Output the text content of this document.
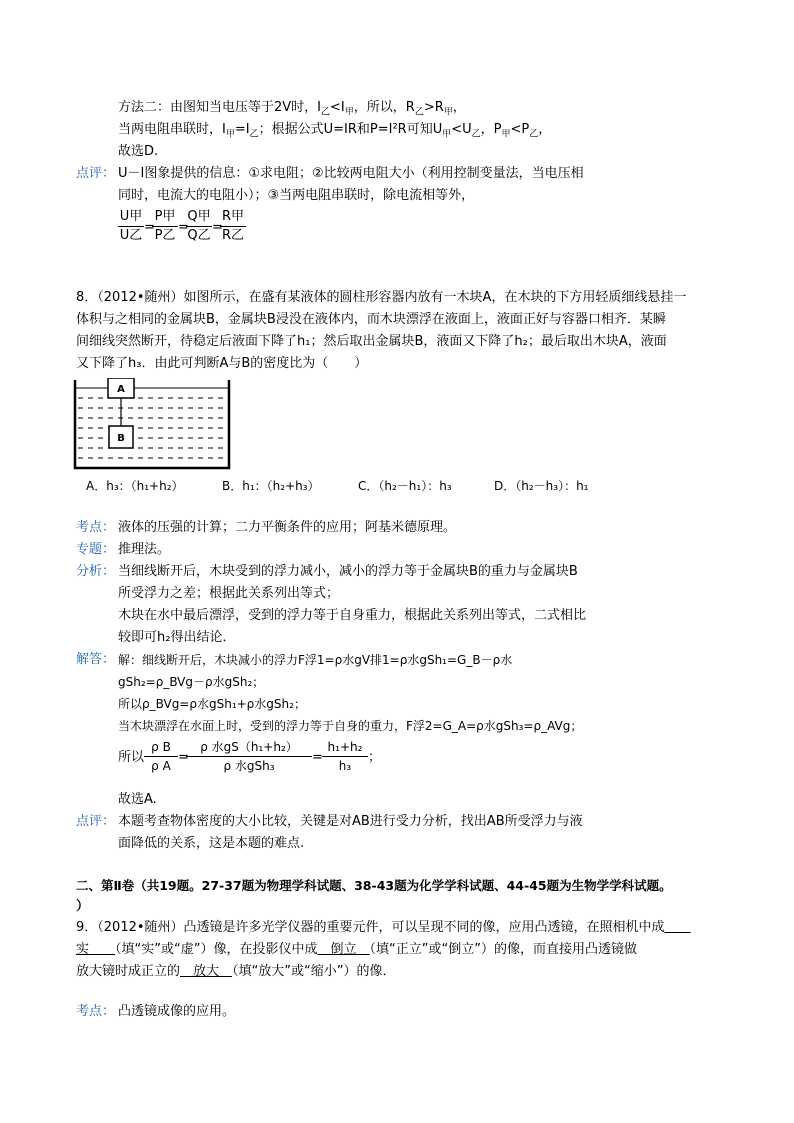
方法二：由图知当电压等于2V时，$I_乙<I_甲$，所以，$R_乙>R_甲$，
当两电阻串联时，$I_甲=I_乙$；根据公式U=IR和P=I²R可知$U_甲<U_乙$，$P_甲<P_乙$，
故选D.
点评： U－I图象提供的信息：①求电阻；②比较两电阻大小（利用控制变量法，当电压相
同时，电流大的电阻小）；③当两电阻串联时，除电流相等外，
U甲
U乙
=
P甲
P乙
=
Q甲
Q乙
=
R甲
R乙
8．（2012•随州）如图所示，在盛有某液体的圆柱形容器内放有一木块A，在木块的下方用轻质细线悬挂一
体积与之相同的金属块B，金属块B浸没在液体内，而木块漂浮在液面上，液面正好与容器口相齐．某瞬
间细线突然断开，待稳定后液面下降了h₁；然后取出金属块B，液面又下降了h₂；最后取出木块A，液面
又下降了h₃．由此可判断A与B的密度比为（　　）
A
B
A．h₃：（h₁+h₂）	B．h₁：（h₂+h₃）	C．（h₂－h₁）：h₃	D．（h₂－h₃）：h₁
考点： 液体的压强的计算；二力平衡条件的应用；阿基米德原理。
专题： 推理法。
分析： 当细线断开后，木块受到的浮力减小，减小的浮力等于金属块B的重力与金属块B
所受浮力之差；根据此关系列出等式；
木块在水中最后漂浮，受到的浮力等于自身重力，根据此关系列出等式，二式相比
较即可h₂得出结论．
解答： 解：细线断开后，木块减小的浮力F浮1=ρ水gV排1=ρ水gSh₁=G_B－ρ水
gSh₂=ρ_BVg－ρ水gSh₂；
所以ρ_BVg=ρ水gSh₁+ρ水gSh₂；
当木块漂浮在水面上时，受到的浮力等于自身的重力，F浮2=G_A=ρ水gSh₃=ρ_AVg；
所以 $\frac{\text{ρ B}}{\text{ρ A}}$ =
ρ 水gS（h₁+h₂）
ρ 水gSh₃
= $\frac{\text{h₁+h₂}}{\text{h₃}}$ ；
故选A.
点评： 本题考查物体密度的大小比较，关键是对AB进行受力分析，找出AB所受浮力与液
面降低的关系，这是本题的难点.
二、第Ⅱ卷（共19题。27-37题为物理学科试题、38-43题为化学学科试题、44-45题为生物学学科试题。
）
9．（2012•随州）凸透镜是许多光学仪器的重要元件，可以呈现不同的像，应用凸透镜，在照相机中成　　
实　　 （填“实”或“虚”）像，在投影仪中成　 倒立　 （填“正立”或“倒立”）的像，而直接用凸透镜做
放大镜时成正立的　 放大　 （填“放大”或“缩小”）的像．
考点： 凸透镜成像的应用。
